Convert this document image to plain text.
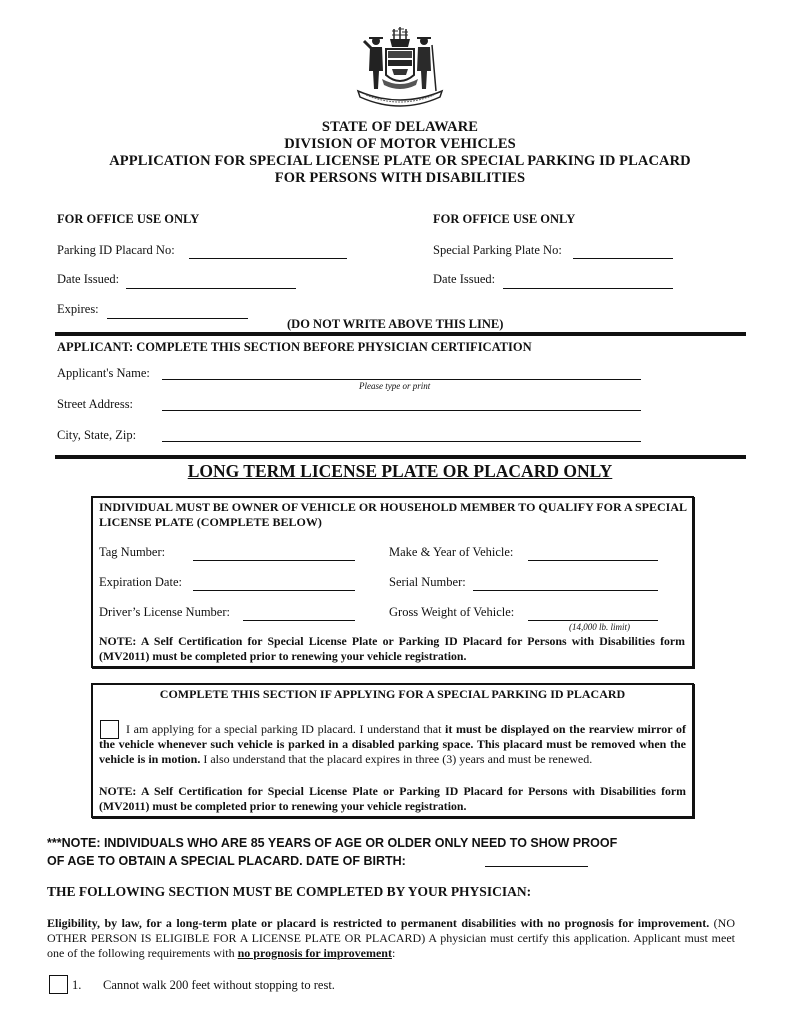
STATE OF DELAWARE
DIVISION OF MOTOR VEHICLES
APPLICATION FOR SPECIAL LICENSE PLATE OR SPECIAL PARKING ID PLACARD
FOR PERSONS WITH DISABILITIES
FOR OFFICE USE ONLY
Parking ID Placard No:
Date Issued:
Expires:
FOR OFFICE USE ONLY
Special Parking Plate No:
Date Issued:
(DO NOT WRITE ABOVE THIS LINE)
APPLICANT: COMPLETE THIS SECTION BEFORE PHYSICIAN CERTIFICATION
Applicant's Name:
Please type or print
Street Address:
City, State, Zip:
LONG TERM LICENSE PLATE OR PLACARD ONLY
INDIVIDUAL MUST BE OWNER OF VEHICLE OR HOUSEHOLD MEMBER TO QUALIFY FOR A SPECIAL LICENSE PLATE (COMPLETE BELOW)
Tag Number:	Make & Year of Vehicle:
Expiration Date:	Serial Number:
Driver’s License Number:	Gross Weight of Vehicle:
(14,000 lb. limit)
NOTE: A Self Certification for Special License Plate or Parking ID Placard for Persons with Disabilities form (MV2011) must be completed prior to renewing your vehicle registration.
COMPLETE THIS SECTION IF APPLYING FOR A SPECIAL PARKING ID PLACARD
I am applying for a special parking ID placard. I understand that it must be displayed on the rearview mirror of the vehicle whenever such vehicle is parked in a disabled parking space. This placard must be removed when the vehicle is in motion. I also understand that the placard expires in three (3) years and must be renewed.
NOTE: A Self Certification for Special License Plate or Parking ID Placard for Persons with Disabilities form (MV2011) must be completed prior to renewing your vehicle registration.
***NOTE: INDIVIDUALS WHO ARE 85 YEARS OF AGE OR OLDER ONLY NEED TO SHOW PROOF
OF AGE TO OBTAIN A SPECIAL PLACARD. DATE OF BIRTH:
THE FOLLOWING SECTION MUST BE COMPLETED BY YOUR PHYSICIAN:
Eligibility, by law, for a long-term plate or placard is restricted to permanent disabilities with no prognosis for improvement. (NO OTHER PERSON IS ELIGIBLE FOR A LICENSE PLATE OR PLACARD) A physician must certify this application. Applicant must meet one of the following requirements with no prognosis for improvement:
1. Cannot walk 200 feet without stopping to rest.
